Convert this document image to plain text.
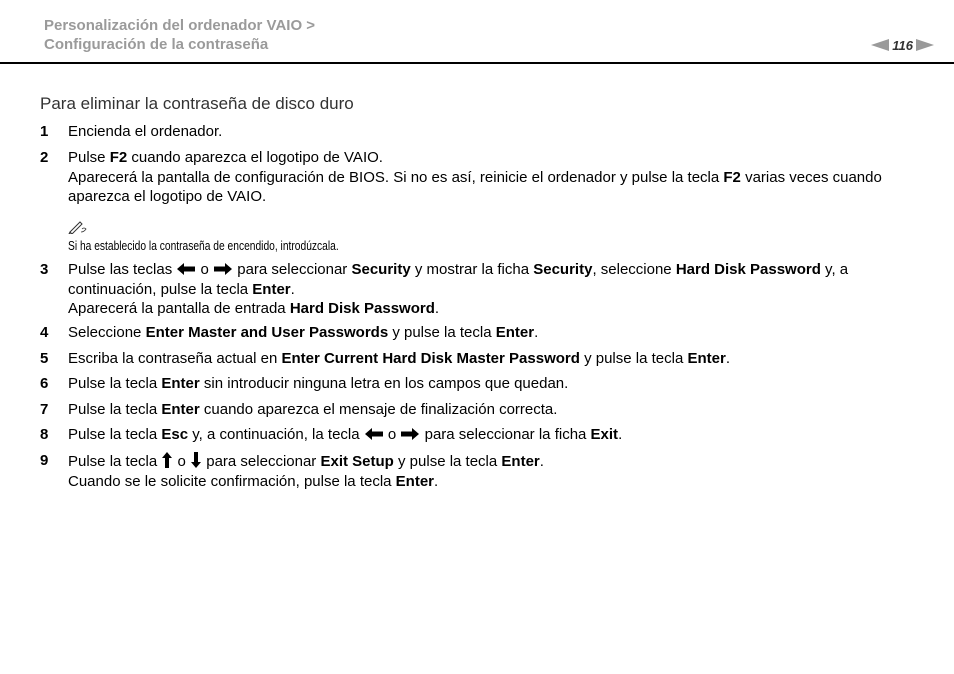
Personalización del ordenador VAIO >
Configuración de la contraseña	116
Para eliminar la contraseña de disco duro
1 Encienda el ordenador.
2 Pulse F2 cuando aparezca el logotipo de VAIO.
Aparecerá la pantalla de configuración de BIOS. Si no es así, reinicie el ordenador y pulse la tecla F2 varias veces cuando aparezca el logotipo de VAIO.
Si ha establecido la contraseña de encendido, introdúzcala.
3 Pulse las teclas  o  para seleccionar Security y mostrar la ficha Security, seleccione Hard Disk Password y, a continuación, pulse la tecla Enter.
Aparecerá la pantalla de entrada Hard Disk Password.
4 Seleccione Enter Master and User Passwords y pulse la tecla Enter.
5 Escriba la contraseña actual en Enter Current Hard Disk Master Password y pulse la tecla Enter.
6 Pulse la tecla Enter sin introducir ninguna letra en los campos que quedan.
7 Pulse la tecla Enter cuando aparezca el mensaje de finalización correcta.
8 Pulse la tecla Esc y, a continuación, la tecla  o  para seleccionar la ficha Exit.
9 Pulse la tecla  o  para seleccionar Exit Setup y pulse la tecla Enter.
Cuando se le solicite confirmación, pulse la tecla Enter.
